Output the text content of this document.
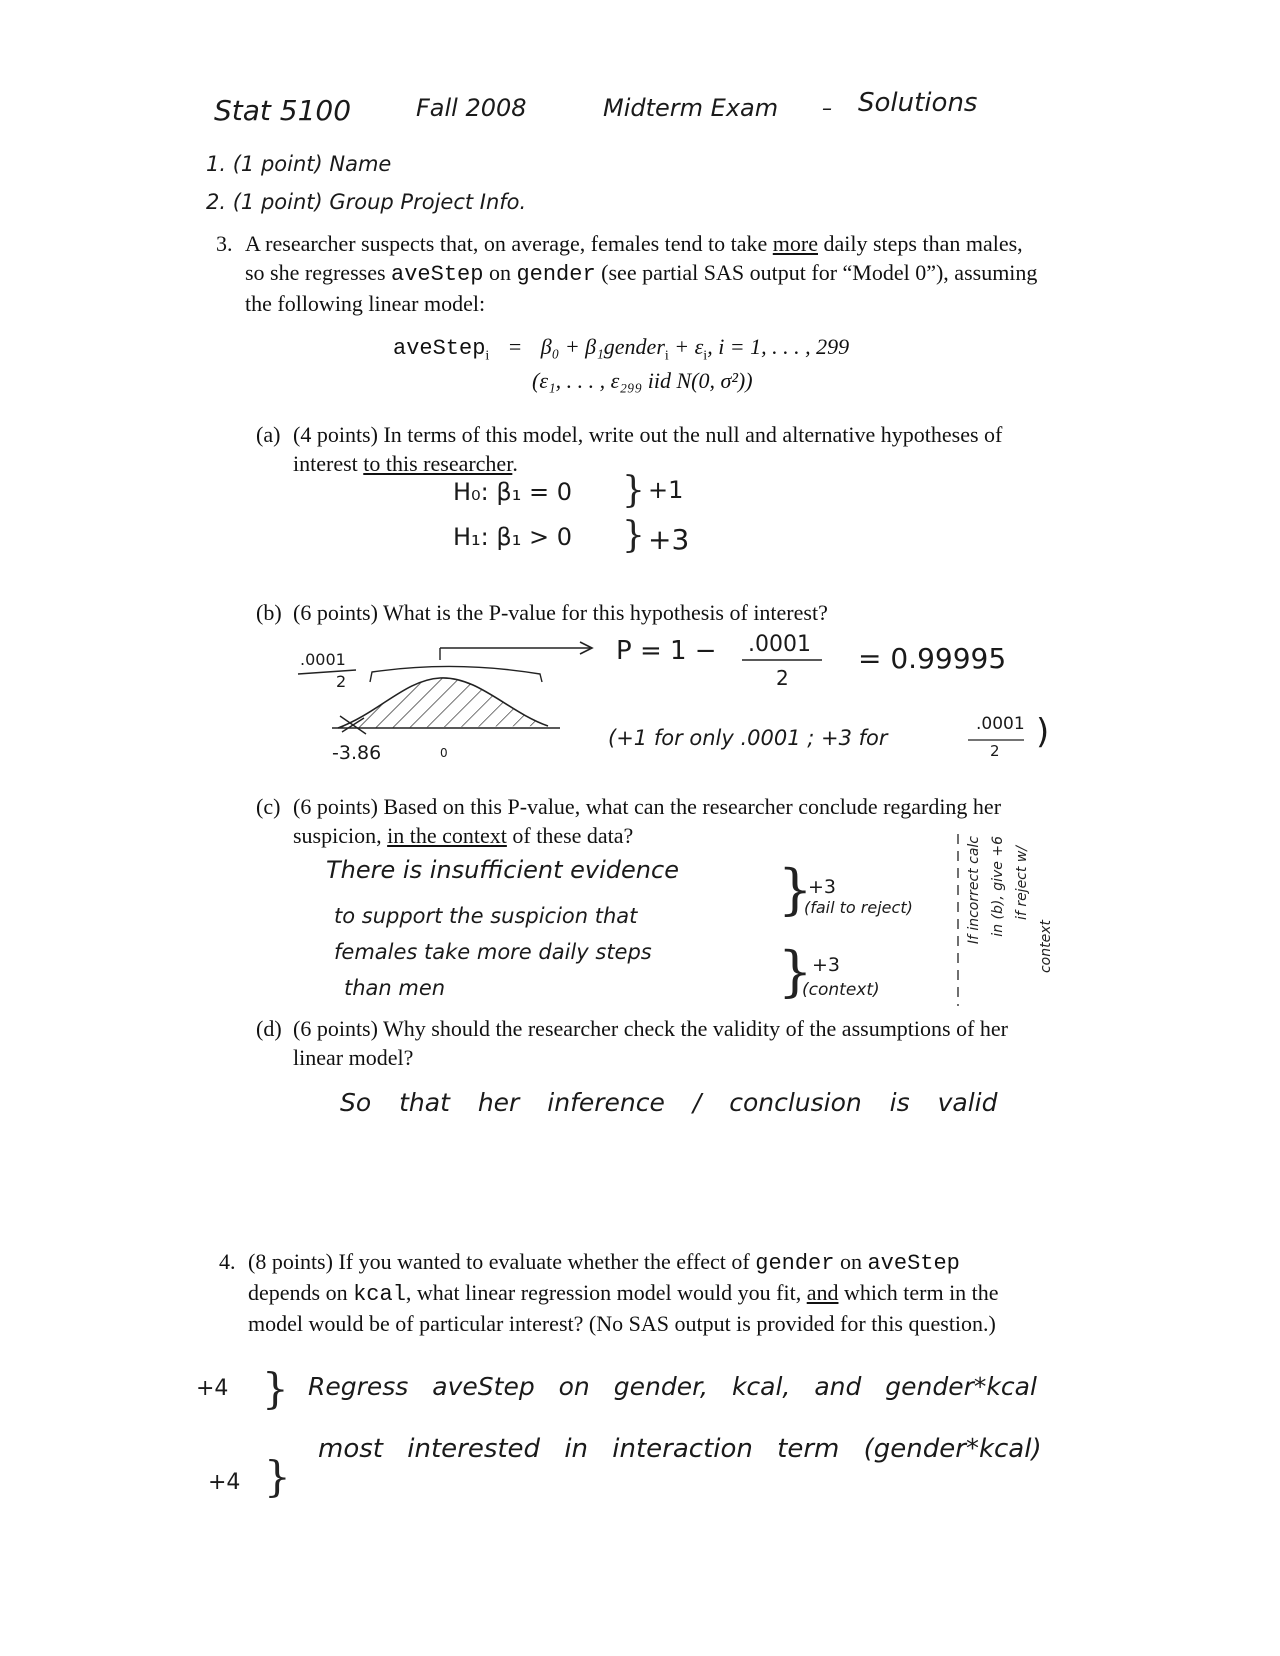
Stat 5100	Fall 2008	Midterm Exam – Solutions
1. (1 point) Name
2. (1 point) Group Project Info.
3. A researcher suspects that, on average, females tend to take more daily steps than males, so she regresses aveStep on gender (see partial SAS output for “Model 0”), assuming the following linear model:
aveStep$_i$ = β₀ + β₁gender$_i$ + $\varepsilon_i$, i = 1, . . . , 299
(ε₁, . . . , ε₂₉₉ iid N(0, σ²))
(a) (4 points) In terms of this model, write out the null and alternative hypotheses of interest to this researcher.
H₀: β₁ = 0 } +1
H₁: β₁ > 0 } +3
(b) (6 points) What is the P-value for this hypothesis of interest?
.0001
2
-3.86	0
P = 1 − .0001
2
= 0.99995
(+1 for only .0001 ; +3 for
.0001
2 )
(c) (6 points) Based on this P-value, what can the researcher conclude regarding her suspicion, in the context of these data?
There is insufficient evidence
to support the suspicion that
females take more daily steps
than men
}
+3
(fail to reject)
} +3
(context)
If incorrect calc in (b), give +6 if reject w/
context
(d) (6 points) Why should the researcher check the validity of the assumptions of her linear model?
So that her inference / conclusion is valid
4. (8 points) If you wanted to evaluate whether the effect of gender on aveStep depends on kcal, what linear regression model would you fit, and which term in the model would be of particular interest? (No SAS output is provided for this question.)
+4 } Regress aveStep on gender, kcal, and gender*kcal
+4 }
most interested in interaction term (gender*kcal)
